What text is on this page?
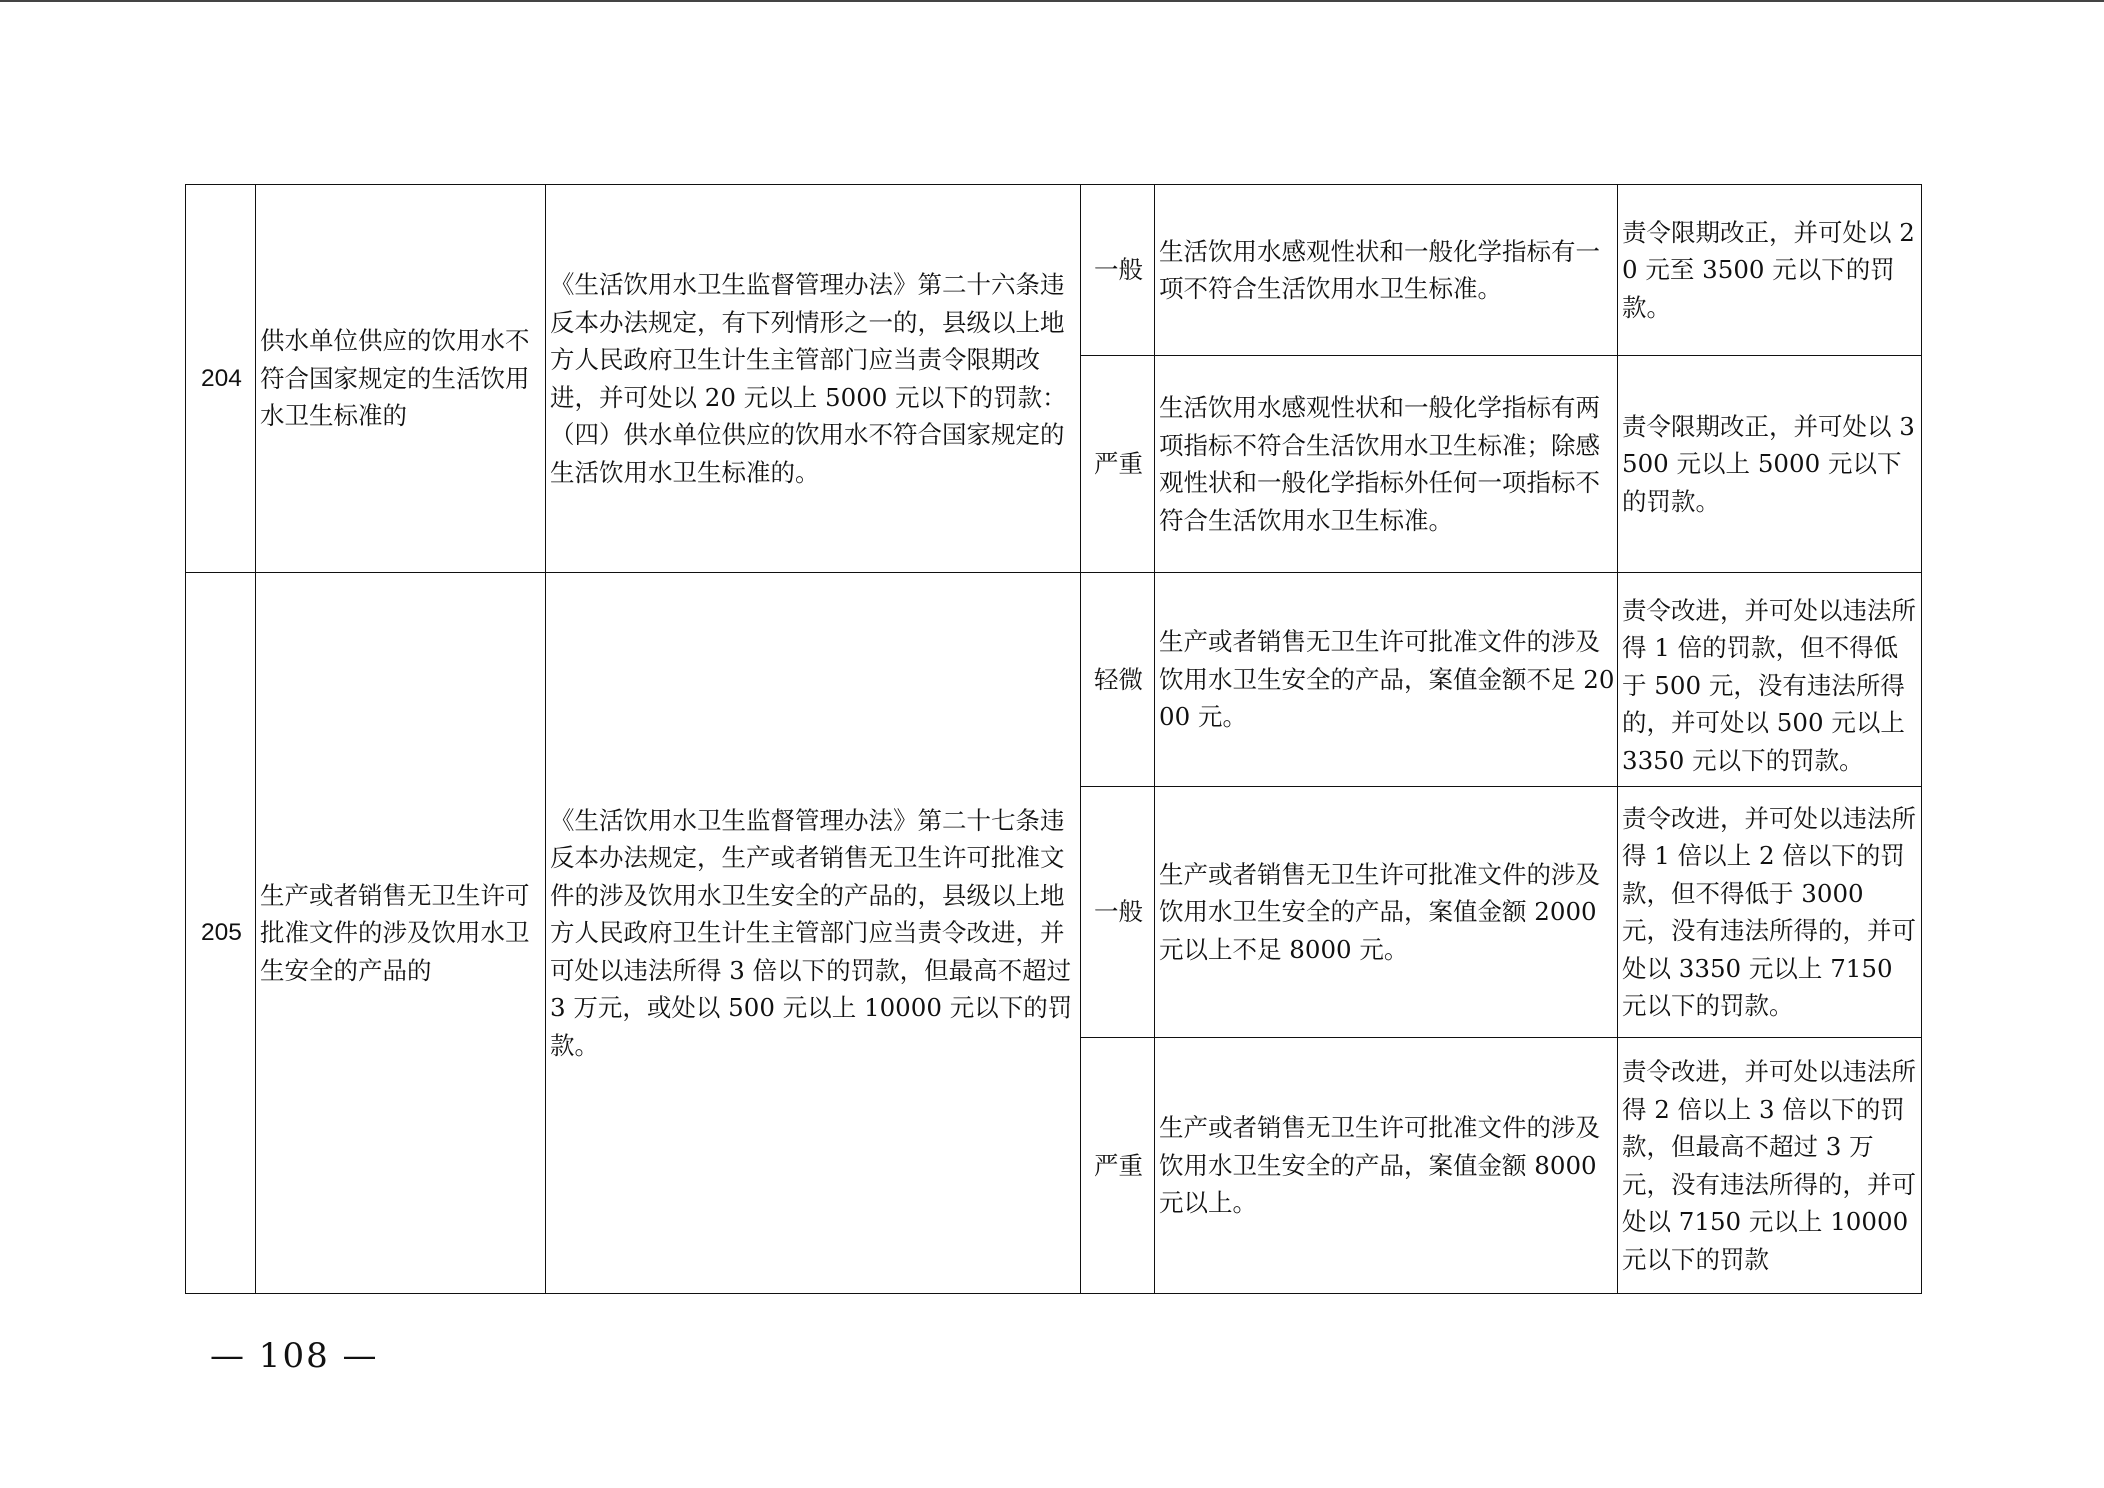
204	供水单位供应的饮用水不符合国家规定的生活饮用水卫生标准的	《生活饮用水卫生监督管理办法》第二十六条违反本办法规定，有下列情形之一的，县级以上地方人民政府卫生计生主管部门应当责令限期改进，并可处以 20 元以上 5000 元以下的罚款：（四）供水单位供应的饮用水不符合国家规定的生活饮用水卫生标准的。	一般	生活饮用水感观性状和一般化学指标有一项不符合生活饮用水卫生标准。	责令限期改正，并可处以 20 元至 3500 元以下的罚款。
			严重	生活饮用水感观性状和一般化学指标有两项指标不符合生活饮用水卫生标准；除感观性状和一般化学指标外任何一项指标不符合生活饮用水卫生标准。	责令限期改正，并可处以 3500 元以上 5000 元以下的罚款。
205	生产或者销售无卫生许可批准文件的涉及饮用水卫生安全的产品的	《生活饮用水卫生监督管理办法》第二十七条违反本办法规定，生产或者销售无卫生许可批准文件的涉及饮用水卫生安全的产品的，县级以上地方人民政府卫生计生主管部门应当责令改进，并可处以违法所得 3 倍以下的罚款，但最高不超过 3 万元，或处以 500 元以上 10000 元以下的罚款。	轻微	生产或者销售无卫生许可批准文件的涉及饮用水卫生安全的产品，案值金额不足 2000 元。	责令改进，并可处以违法所得 1 倍的罚款，但不得低于 500 元，没有违法所得的，并可处以 500 元以上 3350 元以下的罚款。
			一般	生产或者销售无卫生许可批准文件的涉及饮用水卫生安全的产品，案值金额 2000 元以上不足 8000 元。	责令改进，并可处以违法所得 1 倍以上 2 倍以下的罚款，但不得低于 3000 元，没有违法所得的，并可处以 3350 元以上 7150 元以下的罚款。
			严重	生产或者销售无卫生许可批准文件的涉及饮用水卫生安全的产品，案值金额 8000 元以上。	责令改进，并可处以违法所得 2 倍以上 3 倍以下的罚款，但最高不超过 3 万元，没有违法所得的，并可处以 7150 元以上 10000 元以下的罚款
— 108 —
